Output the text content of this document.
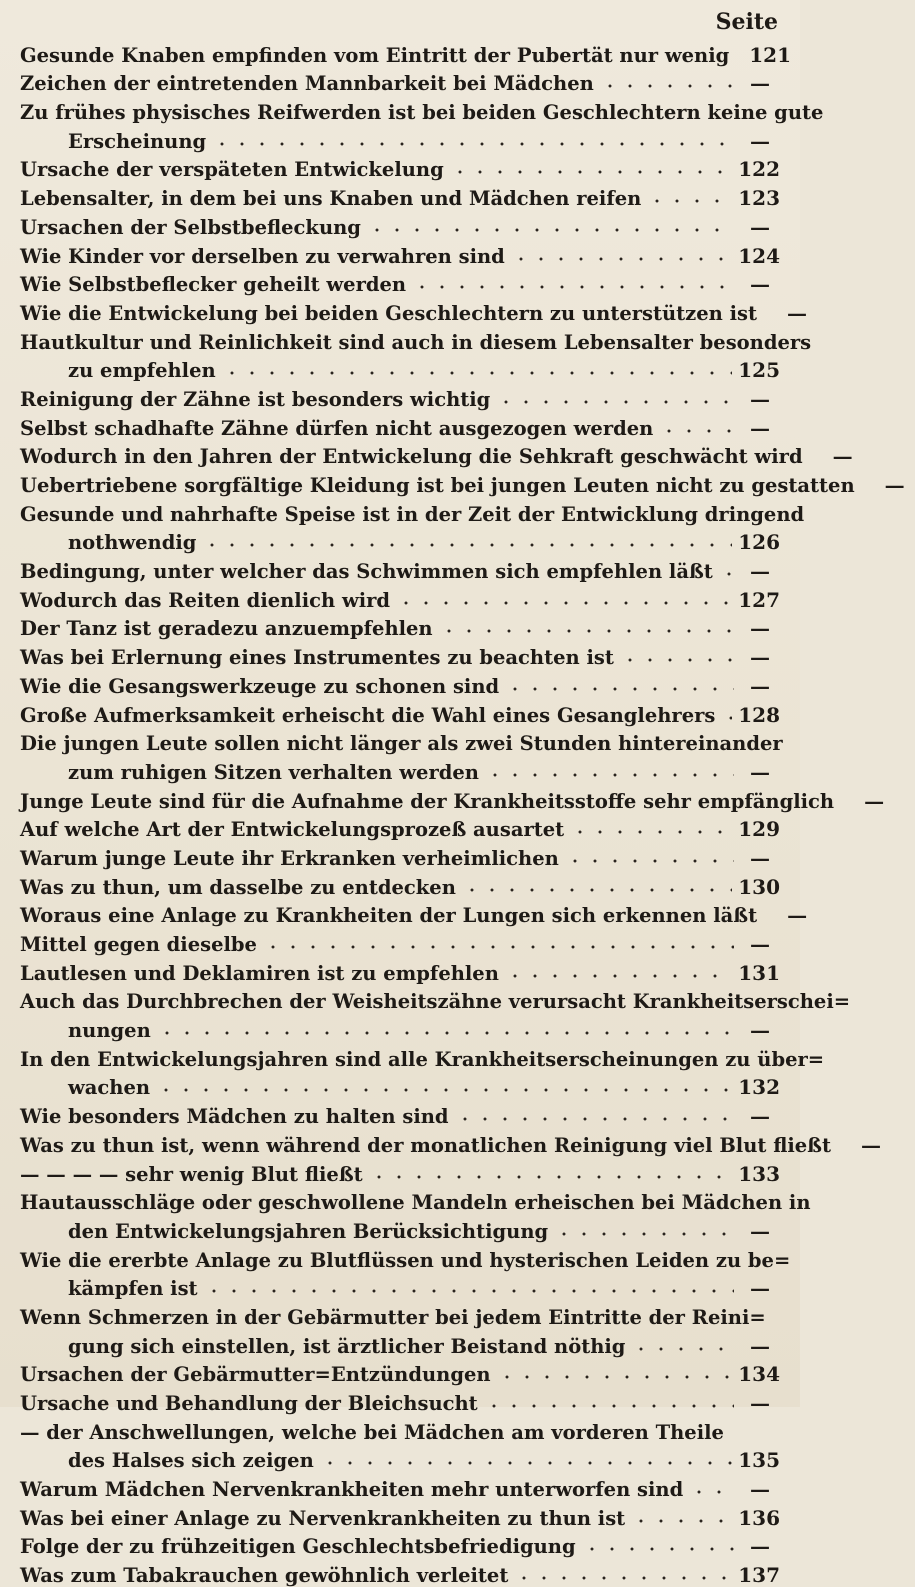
Seite
Gesunde Knaben empfinden vom Eintritt der Pubertät nur wenig 121
Zeichen der eintretenden Mannbarkeit bei Mädchen	—
Zu frühes physisches Reifwerden ist bei beiden Geschlechtern keine gute
Erscheinung	—
Ursache der verspäteten Entwickelung	122
Lebensalter, in dem bei uns Knaben und Mädchen reifen	123
Ursachen der Selbstbefleckung	—
Wie Kinder vor derselben zu verwahren sind	124
Wie Selbstbeflecker geheilt werden	—
Wie die Entwickelung bei beiden Geschlechtern zu unterstützen ist	—
Hautkultur und Reinlichkeit sind auch in diesem Lebensalter besonders
zu empfehlen	125
Reinigung der Zähne ist besonders wichtig	—
Selbst schadhafte Zähne dürfen nicht ausgezogen werden	—
Wodurch in den Jahren der Entwickelung die Sehkraft geschwächt wird	—
Uebertriebene sorgfältige Kleidung ist bei jungen Leuten nicht zu gestatten	—
Gesunde und nahrhafte Speise ist in der Zeit der Entwicklung dringend
nothwendig	126
Bedingung, unter welcher das Schwimmen sich empfehlen läßt	—
Wodurch das Reiten dienlich wird	127
Der Tanz ist geradezu anzuempfehlen	—
Was bei Erlernung eines Instrumentes zu beachten ist	—
Wie die Gesangswerkzeuge zu schonen sind	—
Große Aufmerksamkeit erheischt die Wahl eines Gesanglehrers 128
Die jungen Leute sollen nicht länger als zwei Stunden hintereinander
zum ruhigen Sitzen verhalten werden	—
Junge Leute sind für die Aufnahme der Krankheitsstoffe sehr empfänglich	—
Auf welche Art der Entwickelungsprozeß ausartet	129
Warum junge Leute ihr Erkranken verheimlichen	—
Was zu thun, um dasselbe zu entdecken	130
Woraus eine Anlage zu Krankheiten der Lungen sich erkennen läßt	—
Mittel gegen dieselbe	—
Lautlesen und Deklamiren ist zu empfehlen	131
Auch das Durchbrechen der Weisheitszähne verursacht Krankheitserschei=
nungen	—
In den Entwickelungsjahren sind alle Krankheitserscheinungen zu über=
wachen	132
Wie besonders Mädchen zu halten sind	—
Was zu thun ist, wenn während der monatlichen Reinigung viel Blut fließt	—
— — — — sehr wenig Blut fließt	133
Hautausschläge oder geschwollene Mandeln erheischen bei Mädchen in
den Entwickelungsjahren Berücksichtigung	—
Wie die ererbte Anlage zu Blutflüssen und hysterischen Leiden zu be=
kämpfen ist	—
Wenn Schmerzen in der Gebärmutter bei jedem Eintritte der Reini=
gung sich einstellen, ist ärztlicher Beistand nöthig	—
Ursachen der Gebärmutter=Entzündungen	134
Ursache und Behandlung der Bleichsucht	—
— der Anschwellungen, welche bei Mädchen am vorderen Theile
des Halses sich zeigen	135
Warum Mädchen Nervenkrankheiten mehr unterworfen sind	—
Was bei einer Anlage zu Nervenkrankheiten zu thun ist	136
Folge der zu frühzeitigen Geschlechtsbefriedigung	—
Was zum Tabakrauchen gewöhnlich verleitet	137
